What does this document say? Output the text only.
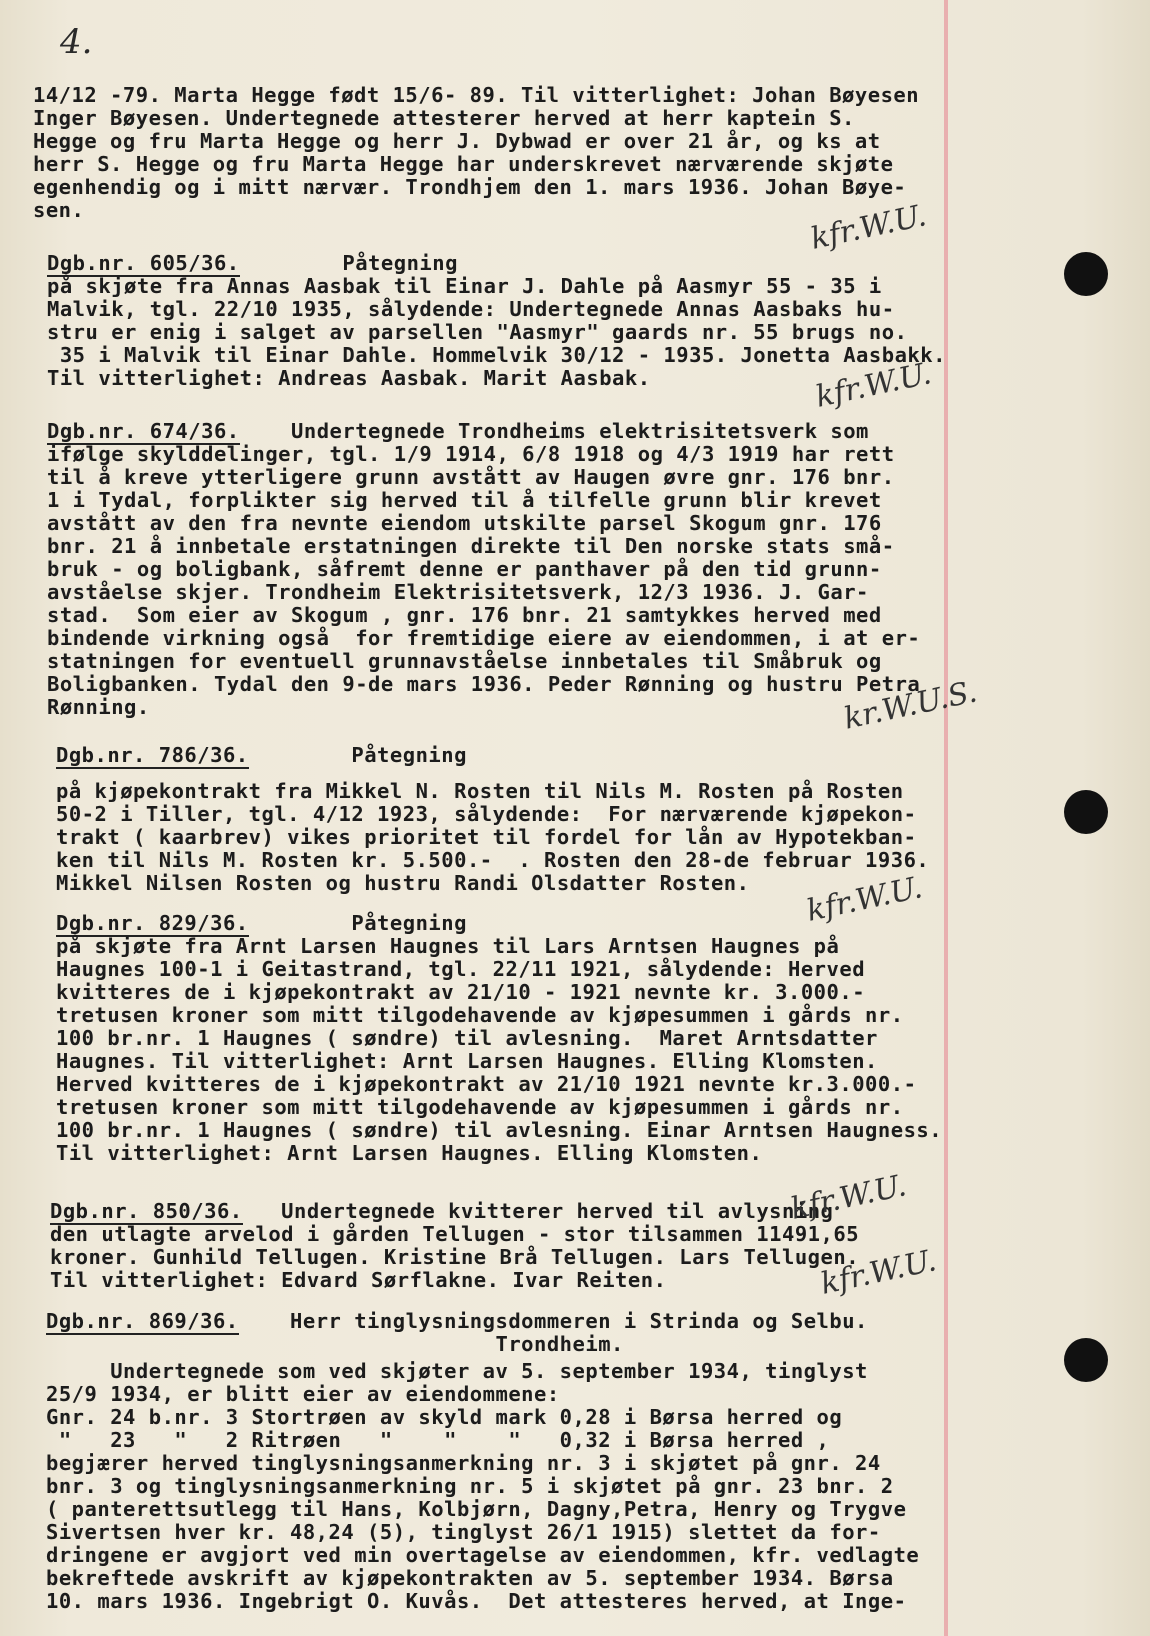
4.
14/12 -79. Marta Hegge født 15/6- 89. Til vitterlighet: Johan Bøyesen
Inger Bøyesen. Undertegnede attesterer herved at herr kaptein S.
Hegge og fru Marta Hegge og herr J. Dybwad er over 21 år, og ks at
herr S. Hegge og fru Marta Hegge har underskrevet nærværende skjøte
egenhendig og i mitt nærvær. Trondhjem den 1. mars 1936. Johan Bøye-
sen.
Dgb.nr. 605/36.        Påtegning
på skjøte fra Annas Aasbak til Einar J. Dahle på Aasmyr 55 - 35 i
Malvik, tgl. 22/10 1935, sålydende: Undertegnede Annas Aasbaks hu-
stru er enig i salget av parsellen "Aasmyr" gaards nr. 55 brugs no.
35 i Malvik til Einar Dahle. Hommelvik 30/12 - 1935. Jonetta Aasbakk.
Til vitterlighet: Andreas Aasbak. Marit Aasbak.
Dgb.nr. 674/36.    Undertegnede Trondheims elektrisitetsverk som
ifølge skylddelinger, tgl. 1/9 1914, 6/8 1918 og 4/3 1919 har rett
til å kreve ytterligere grunn avstått av Haugen øvre gnr. 176 bnr.
1 i Tydal, forplikter sig herved til å tilfelle grunn blir krevet
avstått av den fra nevnte eiendom utskilte parsel Skogum gnr. 176
bnr. 21 å innbetale erstatningen direkte til Den norske stats små-
bruk - og boligbank, såfremt denne er panthaver på den tid grunn-
avståelse skjer. Trondheim Elektrisitetsverk, 12/3 1936. J. Gar-
stad.  Som eier av Skogum , gnr. 176 bnr. 21 samtykkes herved med
bindende virkning også  for fremtidige eiere av eiendommen, i at er-
statningen for eventuell grunnavståelse innbetales til Småbruk og
Boligbanken. Tydal den 9-de mars 1936. Peder Rønning og hustru Petra
Rønning.
Dgb.nr. 786/36.        Påtegning
på kjøpekontrakt fra Mikkel N. Rosten til Nils M. Rosten på Rosten
50-2 i Tiller, tgl. 4/12 1923, sålydende:  For nærværende kjøpekon-
trakt ( kaarbrev) vikes prioritet til fordel for lån av Hypotekban-
ken til Nils M. Rosten kr. 5.500.-  . Rosten den 28-de februar 1936.
Mikkel Nilsen Rosten og hustru Randi Olsdatter Rosten.
Dgb.nr. 829/36.        Påtegning
på skjøte fra Arnt Larsen Haugnes til Lars Arntsen Haugnes på
Haugnes 100-1 i Geitastrand, tgl. 22/11 1921, sålydende: Herved
kvitteres de i kjøpekontrakt av 21/10 - 1921 nevnte kr. 3.000.-
tretusen kroner som mitt tilgodehavende av kjøpesummen i gårds nr.
100 br.nr. 1 Haugnes ( søndre) til avlesning.  Maret Arntsdatter
Haugnes. Til vitterlighet: Arnt Larsen Haugnes. Elling Klomsten.
Herved kvitteres de i kjøpekontrakt av 21/10 1921 nevnte kr.3.000.-
tretusen kroner som mitt tilgodehavende av kjøpesummen i gårds nr.
100 br.nr. 1 Haugnes ( søndre) til avlesning. Einar Arntsen Haugness.
Til vitterlighet: Arnt Larsen Haugnes. Elling Klomsten.
Dgb.nr. 850/36.   Undertegnede kvitterer herved til avlysning
den utlagte arvelod i gården Tellugen - stor tilsammen 11491,65
kroner. Gunhild Tellugen. Kristine Brå Tellugen. Lars Tellugen.
Til vitterlighet: Edvard Sørflakne. Ivar Reiten.
Dgb.nr. 869/36.    Herr tinglysningsdommeren i Strinda og Selbu.
Trondheim.
Undertegnede som ved skjøter av 5. september 1934, tinglyst
25/9 1934, er blitt eier av eiendommene:
Gnr. 24 b.nr. 3 Stortrøen av skyld mark 0,28 i Børsa herred og
"   23   "   2 Ritrøen   "    "    "   0,32 i Børsa herred ,
begjærer herved tinglysningsanmerkning nr. 3 i skjøtet på gnr. 24
bnr. 3 og tinglysningsanmerkning nr. 5 i skjøtet på gnr. 23 bnr. 2
( panterettsutlegg til Hans, Kolbjørn, Dagny,Petra, Henry og Trygve
Sivertsen hver kr. 48,24 (5), tinglyst 26/1 1915) slettet da for-
dringene er avgjort ved min overtagelse av eiendommen, kfr. vedlagte
bekreftede avskrift av kjøpekontrakten av 5. september 1934. Børsa
10. mars 1936. Ingebrigt O. Kuvås.  Det attesteres herved, at Inge-
kfr.W.U.
kfr.W.U.
kr.W.U.S.
kfr.W.U.
kfr.W.U.
kfr.W.U.
